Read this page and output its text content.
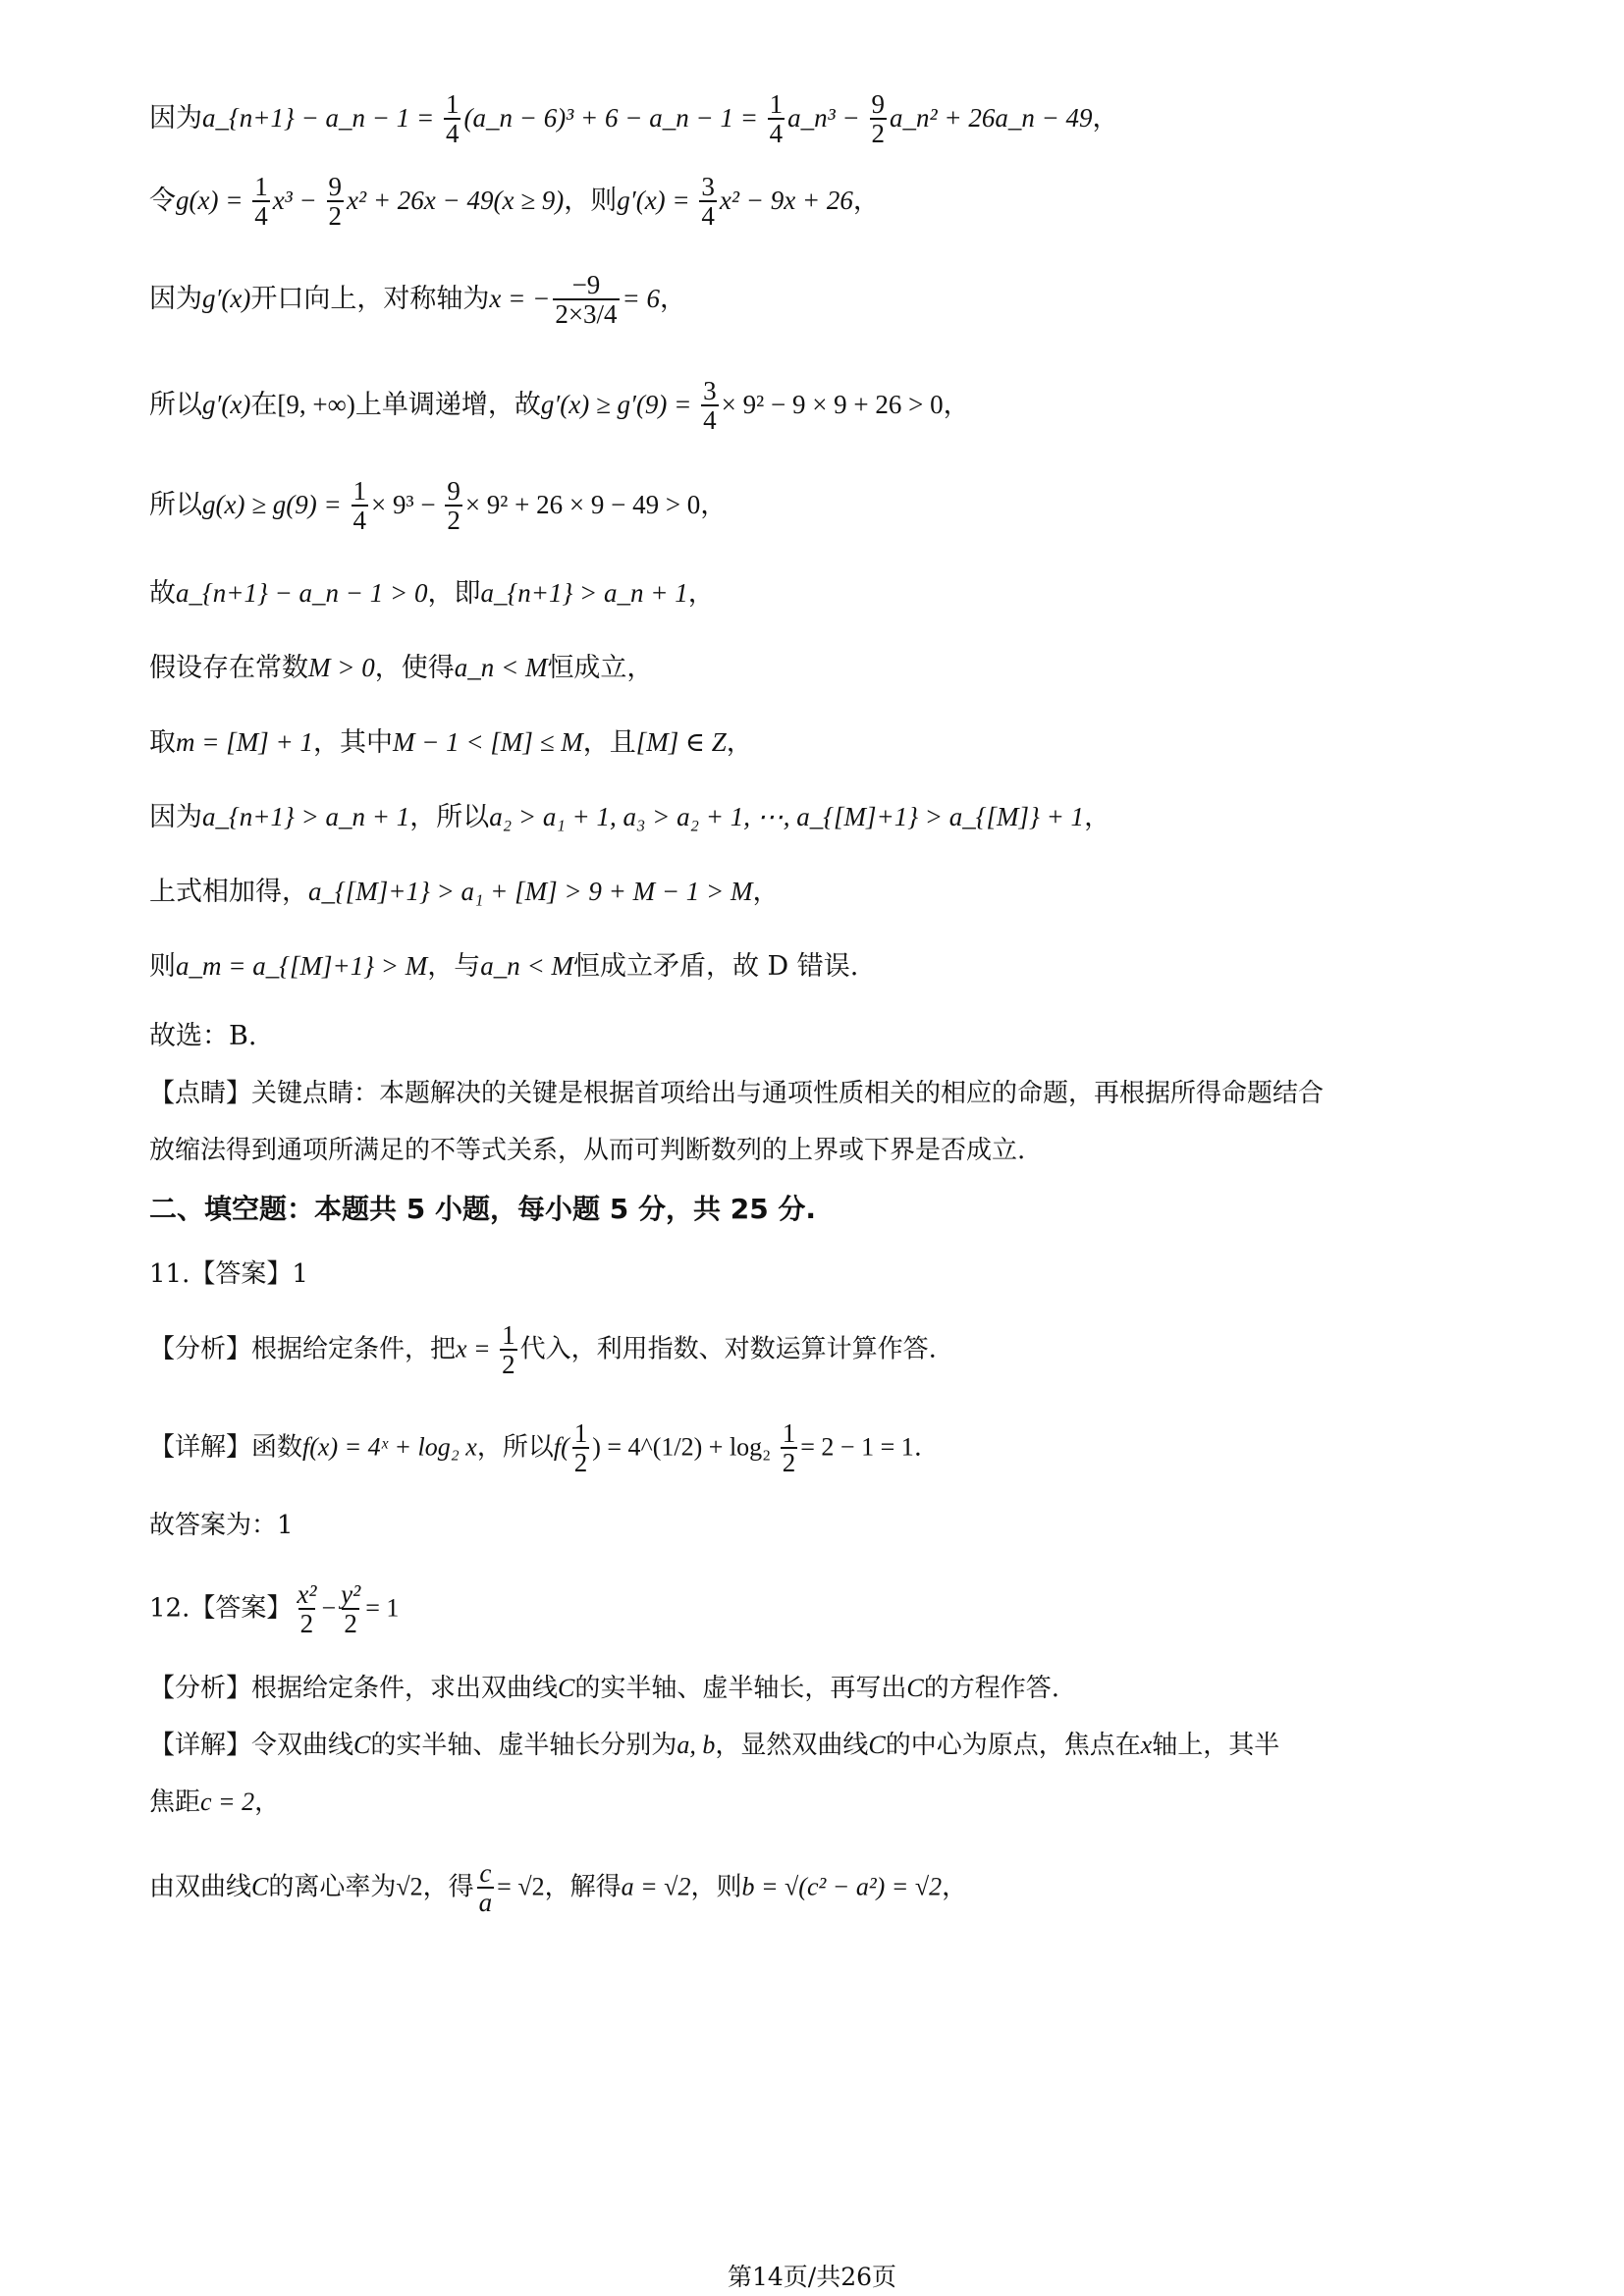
因为a_{n+1} − a_n − $1 = \frac{1}{4}$ (a_n − 6)³ + 6 − a_n − $1 = \frac{1}{4}$ a_n³ − $\frac{9}{2}$ a_n² + 26a_n − 49，
令$g(x) = \frac{1}{4} x^3 - \frac{9}{2} x^2 + 26x - 49(x \ge 9)$，则$g'(x) = \frac{3}{4} x^2 - 9x + 26$，
因为g′(x)开口向上，对称轴为x = − $\frac{-9}{2\times 3/4} = 6$，
所以g′(x)在[9, +∞)上单调递增，故$g'(x) \ge g'(9) = \frac{3}{4} \times 9^2 - 9 \times 9 + 26 > 0$，
所以$g(x) \ge g(9) = \frac{1}{4} \times 9^3 - \frac{9}{2} \times 9^2 + 26 \times 9 - 49 > 0$，
故a_{n+1} − a_n − 1 > 0，即a_{n+1} > a_n + 1，
假设存在常数M > 0，使得a_n < M恒成立，
取m = [M] + 1，其中M − 1 < [M] ≤ M，且[M] ∈ Z，
因为a_{n+1} > a_n + 1，所以a₂ > a₁ + 1, a₃ > a₂ + 1, ⋯, a_{[M]+1} > a_{[M]} + 1，
上式相加得，a_{[M]+1} > a₁ + [M] > 9 + M − 1 > M，
则a_m = a_{[M]+1} > M，与a_n < M恒成立矛盾，故 D 错误.
故选：B.
【点睛】关键点睛：本题解决的关键是根据首项给出与通项性质相关的相应的命题，再根据所得命题结合
放缩法得到通项所满足的不等式关系，从而可判断数列的上界或下界是否成立.
二、填空题：本题共 5 小题，每小题 5 分，共 25 分.
11.【答案】1
【分析】根据给定条件，把$x = \frac{1}{2}$ 代入，利用指数、对数运算计算作答.
【详解】函数f(x) = 4ˣ + log₂ x，所以$f( \frac{1}{2}$ ) = 4^(1/2) + $\log_2 \frac{1}{2} = 2 - 1 = 1$.
故答案为：1
12.【答案】 $\frac{\text{x²}}{2} - \frac{\text{y²}}{2} = 1$
【分析】根据给定条件，求出双曲线C的实半轴、虚半轴长，再写出C的方程作答.
【详解】令双曲线C的实半轴、虚半轴长分别为a, b，显然双曲线C的中心为原点，焦点在x轴上，其半
焦距c = 2，
由双曲线C的离心率为√2，得 $\frac{c}{a} = √2$，解得a = √2，则b = √(c² − a²) = √2，
第14页/共26页
